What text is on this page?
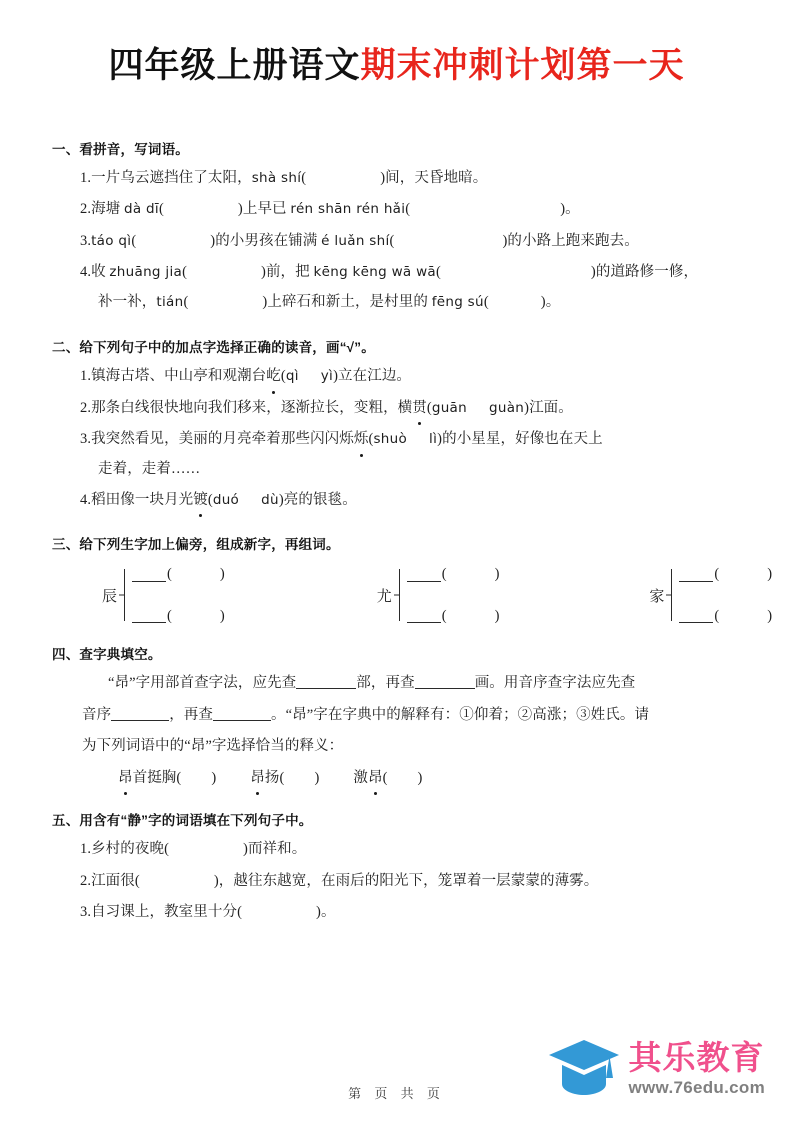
四年级上册语文期末冲刺计划第一天
一、看拼音，写词语。
1.一片乌云遮挡住了太阳，shà shí(	)间，天昏地暗。
2.海塘 dà dī(	)上早已 rén shān rén hǎi(	)。
3.táo qì(	)的小男孩在铺满 é luǎn shí(	)的小路上跑来跑去。
4.收 zhuāng jia(	)前，把 kēng kēng wā wā(	)的道路修一修，
补一补，tián(	)上碎石和新土，是村里的 fēng sú(	)。
二、给下列句子中的加点字选择正确的读音，画“√”。
1.镇海古塔、中山亭和观潮台屹(qì yì)立在江边。
2.那条白线很快地向我们移来，逐渐拉长，变粗，横贯(guān guàn)江面。
3.我突然看见，美丽的月亮牵着那些闪闪烁烁(shuò lì)的小星星，好像也在天上
走着，走着……
4.稻田像一块月光镀(duó dù)亮的银毯。
三、给下列生字加上偏旁，组成新字，再组词。
辰
(	)
(	)
尤
(	)
(	)
家
(	)
(	)
四、查字典填空。
“昂”字用部首查字法，应先查	部，再查	画。用音序查字法应先查
音序	，再查	。“昂”字在字典中的解释有：①仰着；②高涨；③姓氏。请
为下列词语中的“昂”字选择恰当的释义：
昂首挺胸( ) 昂扬( ) 激昂( )
五、用含有“静”字的词语填在下列句子中。
1.乡村的夜晚(	)而祥和。
2.江面很(	)，越往东越宽，在雨后的阳光下，笼罩着一层蒙蒙的薄雾。
3.自习课上，教室里十分(	)。
第 页 共 页
其乐教育
www.76edu.com
